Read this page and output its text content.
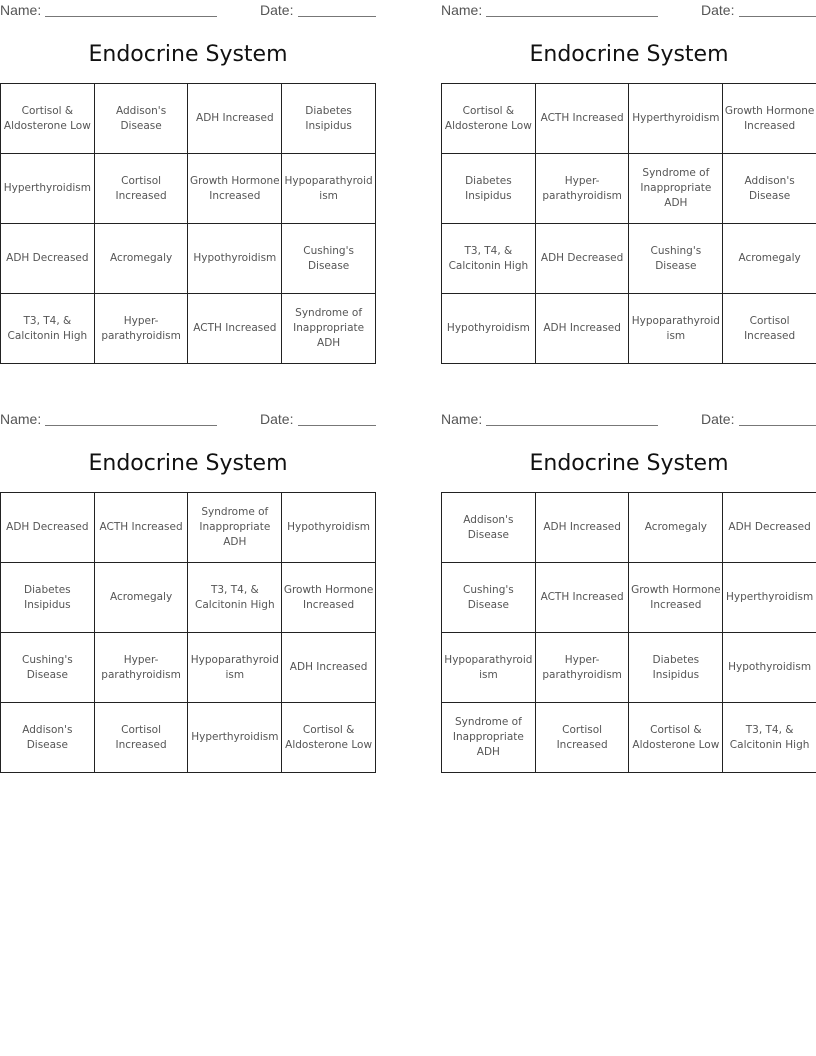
Name:	Date:
Endocrine System
Cortisol & Aldosterone Low	Addison's Disease	ADH Increased	Diabetes Insipidus
Hyperthyroidism	Cortisol Increased	Growth Hormone Increased	Hypoparathyroidism
ADH Decreased	Acromegaly	Hypothyroidism	Cushing's Disease
T3, T4, & Calcitonin High	Hyper-parathyroidism	ACTH Increased	Syndrome of Inappropriate ADH
Name:	Date:
Endocrine System
Cortisol & Aldosterone Low	ACTH Increased	Hyperthyroidism	Growth Hormone Increased
Diabetes Insipidus	Hyper-parathyroidism	Syndrome of Inappropriate ADH	Addison's Disease
T3, T4, & Calcitonin High	ADH Decreased	Cushing's Disease	Acromegaly
Hypothyroidism	ADH Increased	Hypoparathyroidism	Cortisol Increased
Name:	Date:
Endocrine System
ADH Decreased	ACTH Increased	Syndrome of Inappropriate ADH	Hypothyroidism
Diabetes Insipidus	Acromegaly	T3, T4, & Calcitonin High	Growth Hormone Increased
Cushing's Disease	Hyper-parathyroidism	Hypoparathyroidism	ADH Increased
Addison's Disease	Cortisol Increased	Hyperthyroidism	Cortisol & Aldosterone Low
Name:	Date:
Endocrine System
Addison's Disease	ADH Increased	Acromegaly	ADH Decreased
Cushing's Disease	ACTH Increased	Growth Hormone Increased	Hyperthyroidism
Hypoparathyroidism	Hyper-parathyroidism	Diabetes Insipidus	Hypothyroidism
Syndrome of Inappropriate ADH	Cortisol Increased	Cortisol & Aldosterone Low	T3, T4, & Calcitonin High
